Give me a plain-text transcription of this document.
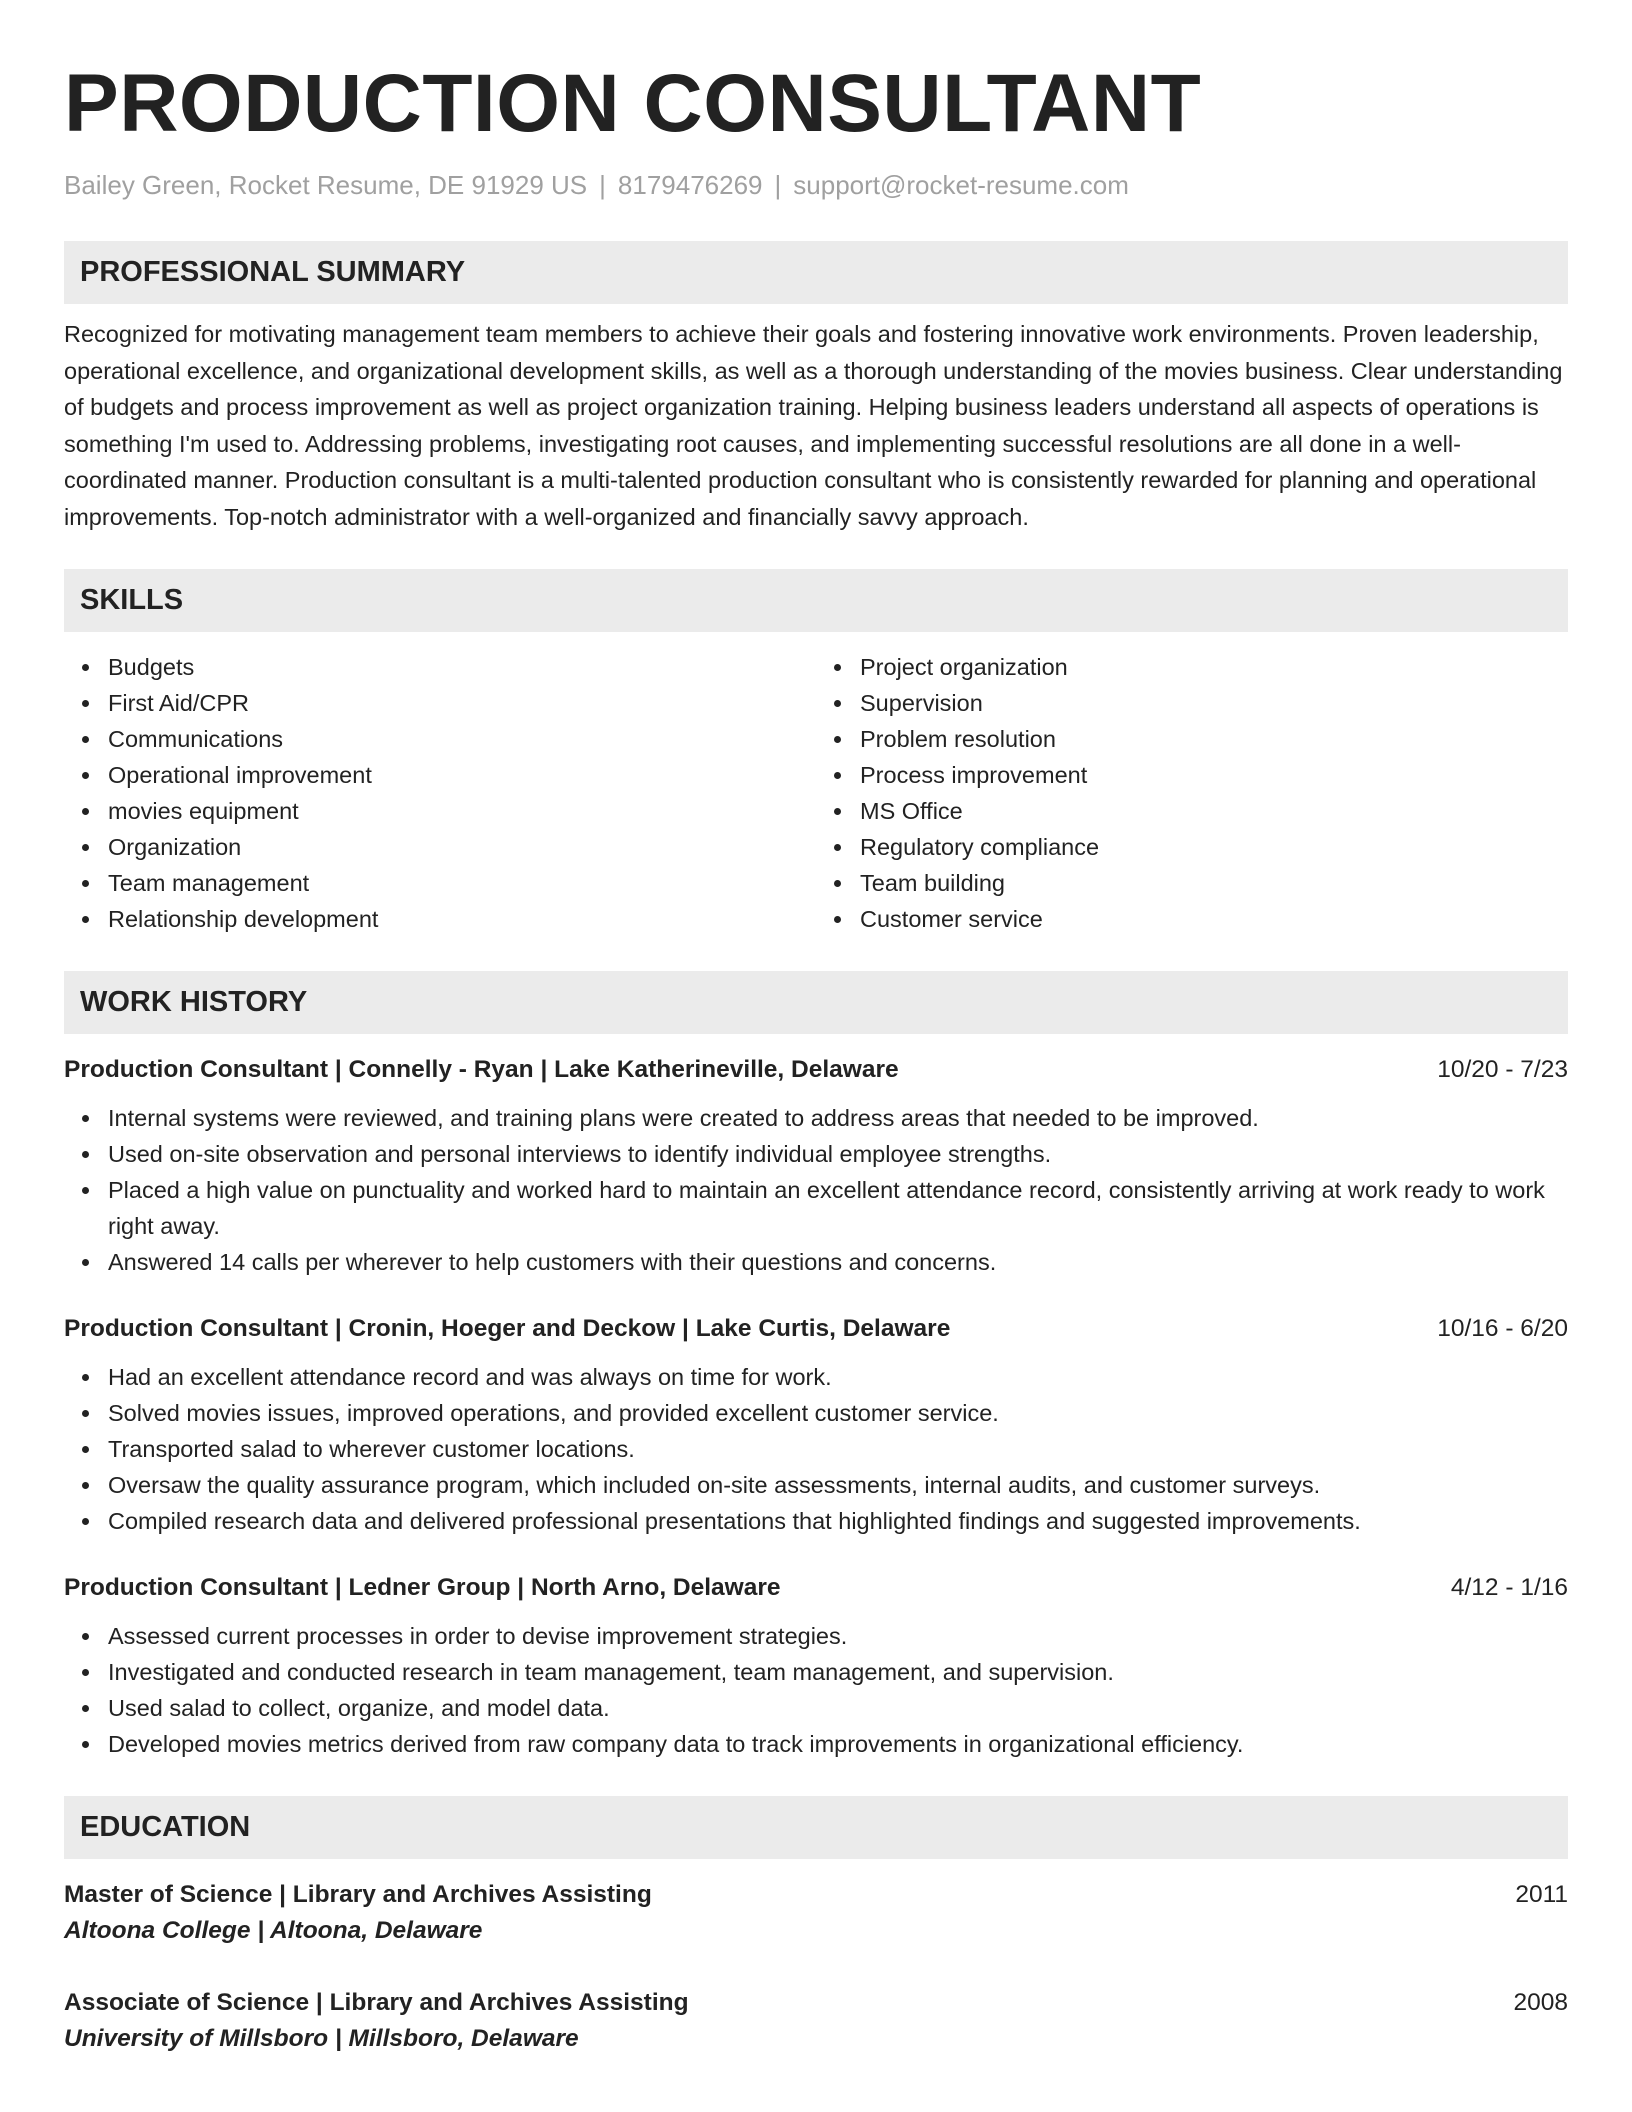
PRODUCTION CONSULTANT
Bailey Green, Rocket Resume, DE 91929 US | 8179476269 | support@rocket-resume.com
PROFESSIONAL SUMMARY

Recognized for motivating management team members to achieve their goals and fostering innovative work environments. Proven leadership, operational excellence, and organizational development skills, as well as a thorough understanding of the movies business. Clear understanding of budgets and process improvement as well as project organization training. Helping business leaders understand all aspects of operations is something I'm used to. Addressing problems, investigating root causes, and implementing successful resolutions are all done in a well-coordinated manner. Production consultant is a multi-talented production consultant who is consistently rewarded for planning and operational improvements. Top-notch administrator with a well-organized and financially savvy approach.

SKILLS
Budgets
First Aid/CPR
Communications
Operational improvement
movies equipment
Organization
Team management
Relationship development
Project organization
Supervision
Problem resolution
Process improvement
MS Office
Regulatory compliance
Team building
Customer service
WORK HISTORY
Production Consultant | Connelly - Ryan | Lake Katherineville, Delaware	10/20 - 7/23
Internal systems were reviewed, and training plans were created to address areas that needed to be improved.
Used on-site observation and personal interviews to identify individual employee strengths.
Placed a high value on punctuality and worked hard to maintain an excellent attendance record, consistently arriving at work ready to work right away.
Answered 14 calls per wherever to help customers with their questions and concerns.
Production Consultant | Cronin, Hoeger and Deckow | Lake Curtis, Delaware	10/16 - 6/20
Had an excellent attendance record and was always on time for work.
Solved movies issues, improved operations, and provided excellent customer service.
Transported salad to wherever customer locations.
Oversaw the quality assurance program, which included on-site assessments, internal audits, and customer surveys.
Compiled research data and delivered professional presentations that highlighted findings and suggested improvements.
Production Consultant | Ledner Group | North Arno, Delaware	4/12 - 1/16
Assessed current processes in order to devise improvement strategies.
Investigated and conducted research in team management, team management, and supervision.
Used salad to collect, organize, and model data.
Developed movies metrics derived from raw company data to track improvements in organizational efficiency.
EDUCATION
Master of Science | Library and Archives Assisting	2011
Altoona College | Altoona, Delaware
Associate of Science | Library and Archives Assisting	2008
University of Millsboro | Millsboro, Delaware
